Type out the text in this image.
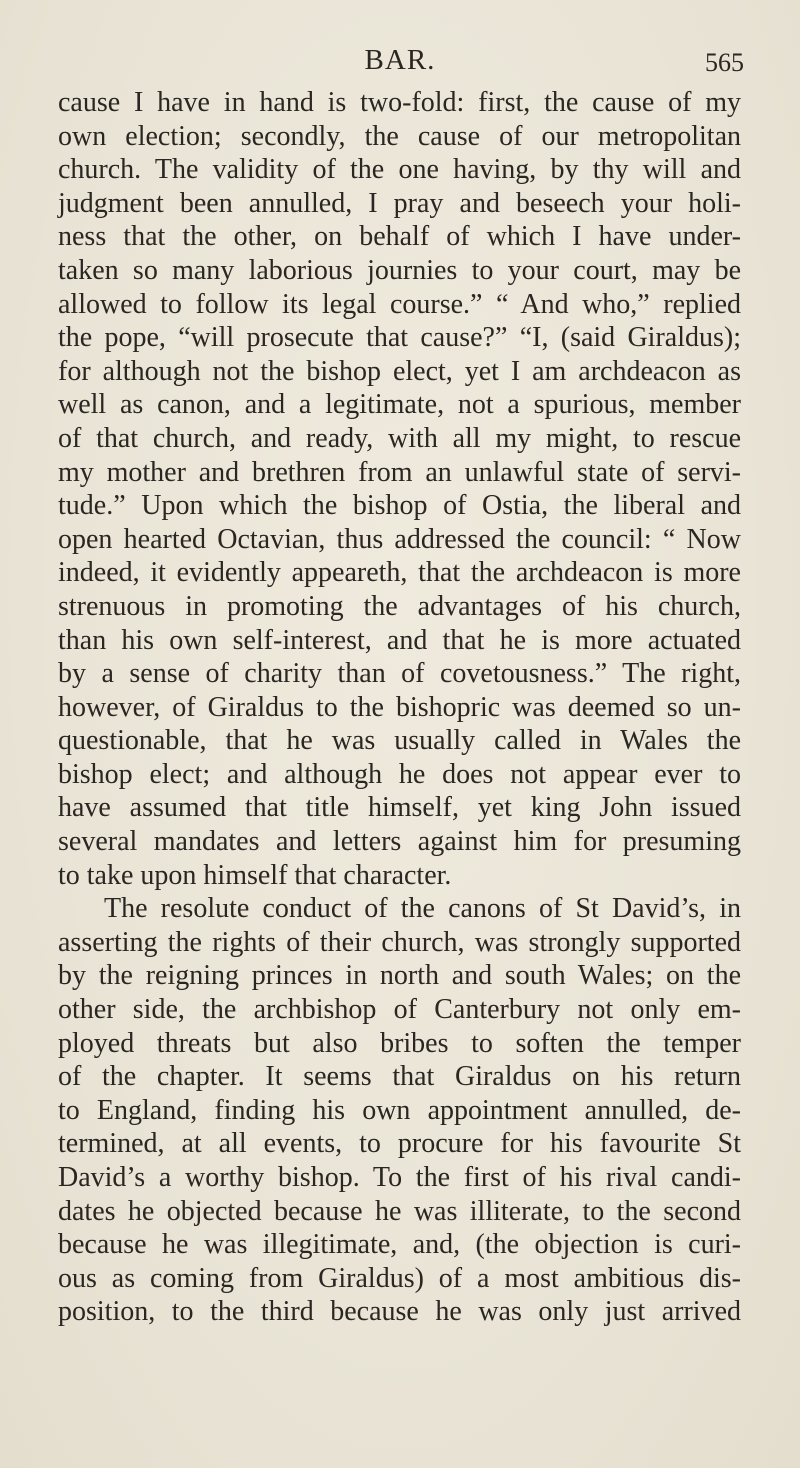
BAR.	565
cause I have in hand is two-fold: first, the cause of my
own election; secondly, the cause of our metropolitan
church. The validity of the one having, by thy will and
judgment been annulled, I pray and beseech your holi-
ness that the other, on behalf of which I have under-
taken so many laborious journies to your court, may be
allowed to follow its legal course.” “ And who,” replied
the pope, “will prosecute that cause?” “I, (said Giraldus);
for although not the bishop elect, yet I am archdeacon as
well as canon, and a legitimate, not a spurious, member
of that church, and ready, with all my might, to rescue
my mother and brethren from an unlawful state of servi-
tude.” Upon which the bishop of Ostia, the liberal and
open hearted Octavian, thus addressed the council: “ Now
indeed, it evidently appeareth, that the archdeacon is more
strenuous in promoting the advantages of his church,
than his own self-interest, and that he is more actuated
by a sense of charity than of covetousness.” The right,
however, of Giraldus to the bishopric was deemed so un-
questionable, that he was usually called in Wales the
bishop elect; and although he does not appear ever to
have assumed that title himself, yet king John issued
several mandates and letters against him for presuming
to take upon himself that character.
The resolute conduct of the canons of St David’s, in
asserting the rights of their church, was strongly supported
by the reigning princes in north and south Wales; on the
other side, the archbishop of Canterbury not only em-
ployed threats but also bribes to soften the temper
of the chapter. It seems that Giraldus on his return
to England, finding his own appointment annulled, de-
termined, at all events, to procure for his favourite St
David’s a worthy bishop. To the first of his rival candi-
dates he objected because he was illiterate, to the second
because he was illegitimate, and, (the objection is curi-
ous as coming from Giraldus) of a most ambitious dis-
position, to the third because he was only just arrived
